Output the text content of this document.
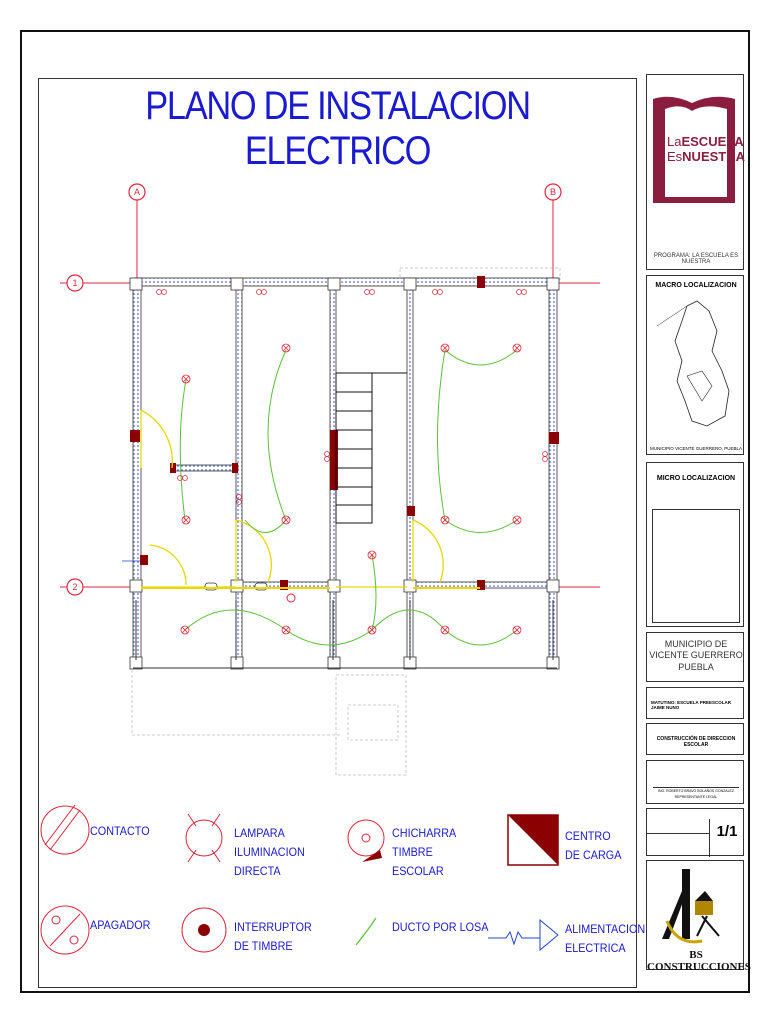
PLANO DE INSTALACION ELECTRICO
A	B
1
2
CONTACTO	LAMPARA ILUMINACION DIRECTA
CHICHARRA TIMBRE ESCOLAR
CENTRO DE CARGA
APAGADOR	INTERRUPTOR DE TIMBRE
DUCTO POR LOSA	ALIMENTACION ELECTRICA
LaESCUELA
EsNUESTRA
PROGRAMA: LA ESCUELA ES NUESTRA
MACRO LOCALIZACION
MUNICIPIO VICENTE GUERRERO, PUEBLA
MICRO LOCALIZACION
MUNICIPIO DE
VICENTE GUERRERO
PUEBLA
MATUTINO: ESCUELA PREESCOLAR JAIME NUNO
CONSTRUCCIÓN DE DIRECCION ESCOLAR
ING. ROBERTO BRAVO BOLAÑOS GONZALEZ
REPRESENTANTE LEGAL
1/1
BS CONSTRUCCIONES
